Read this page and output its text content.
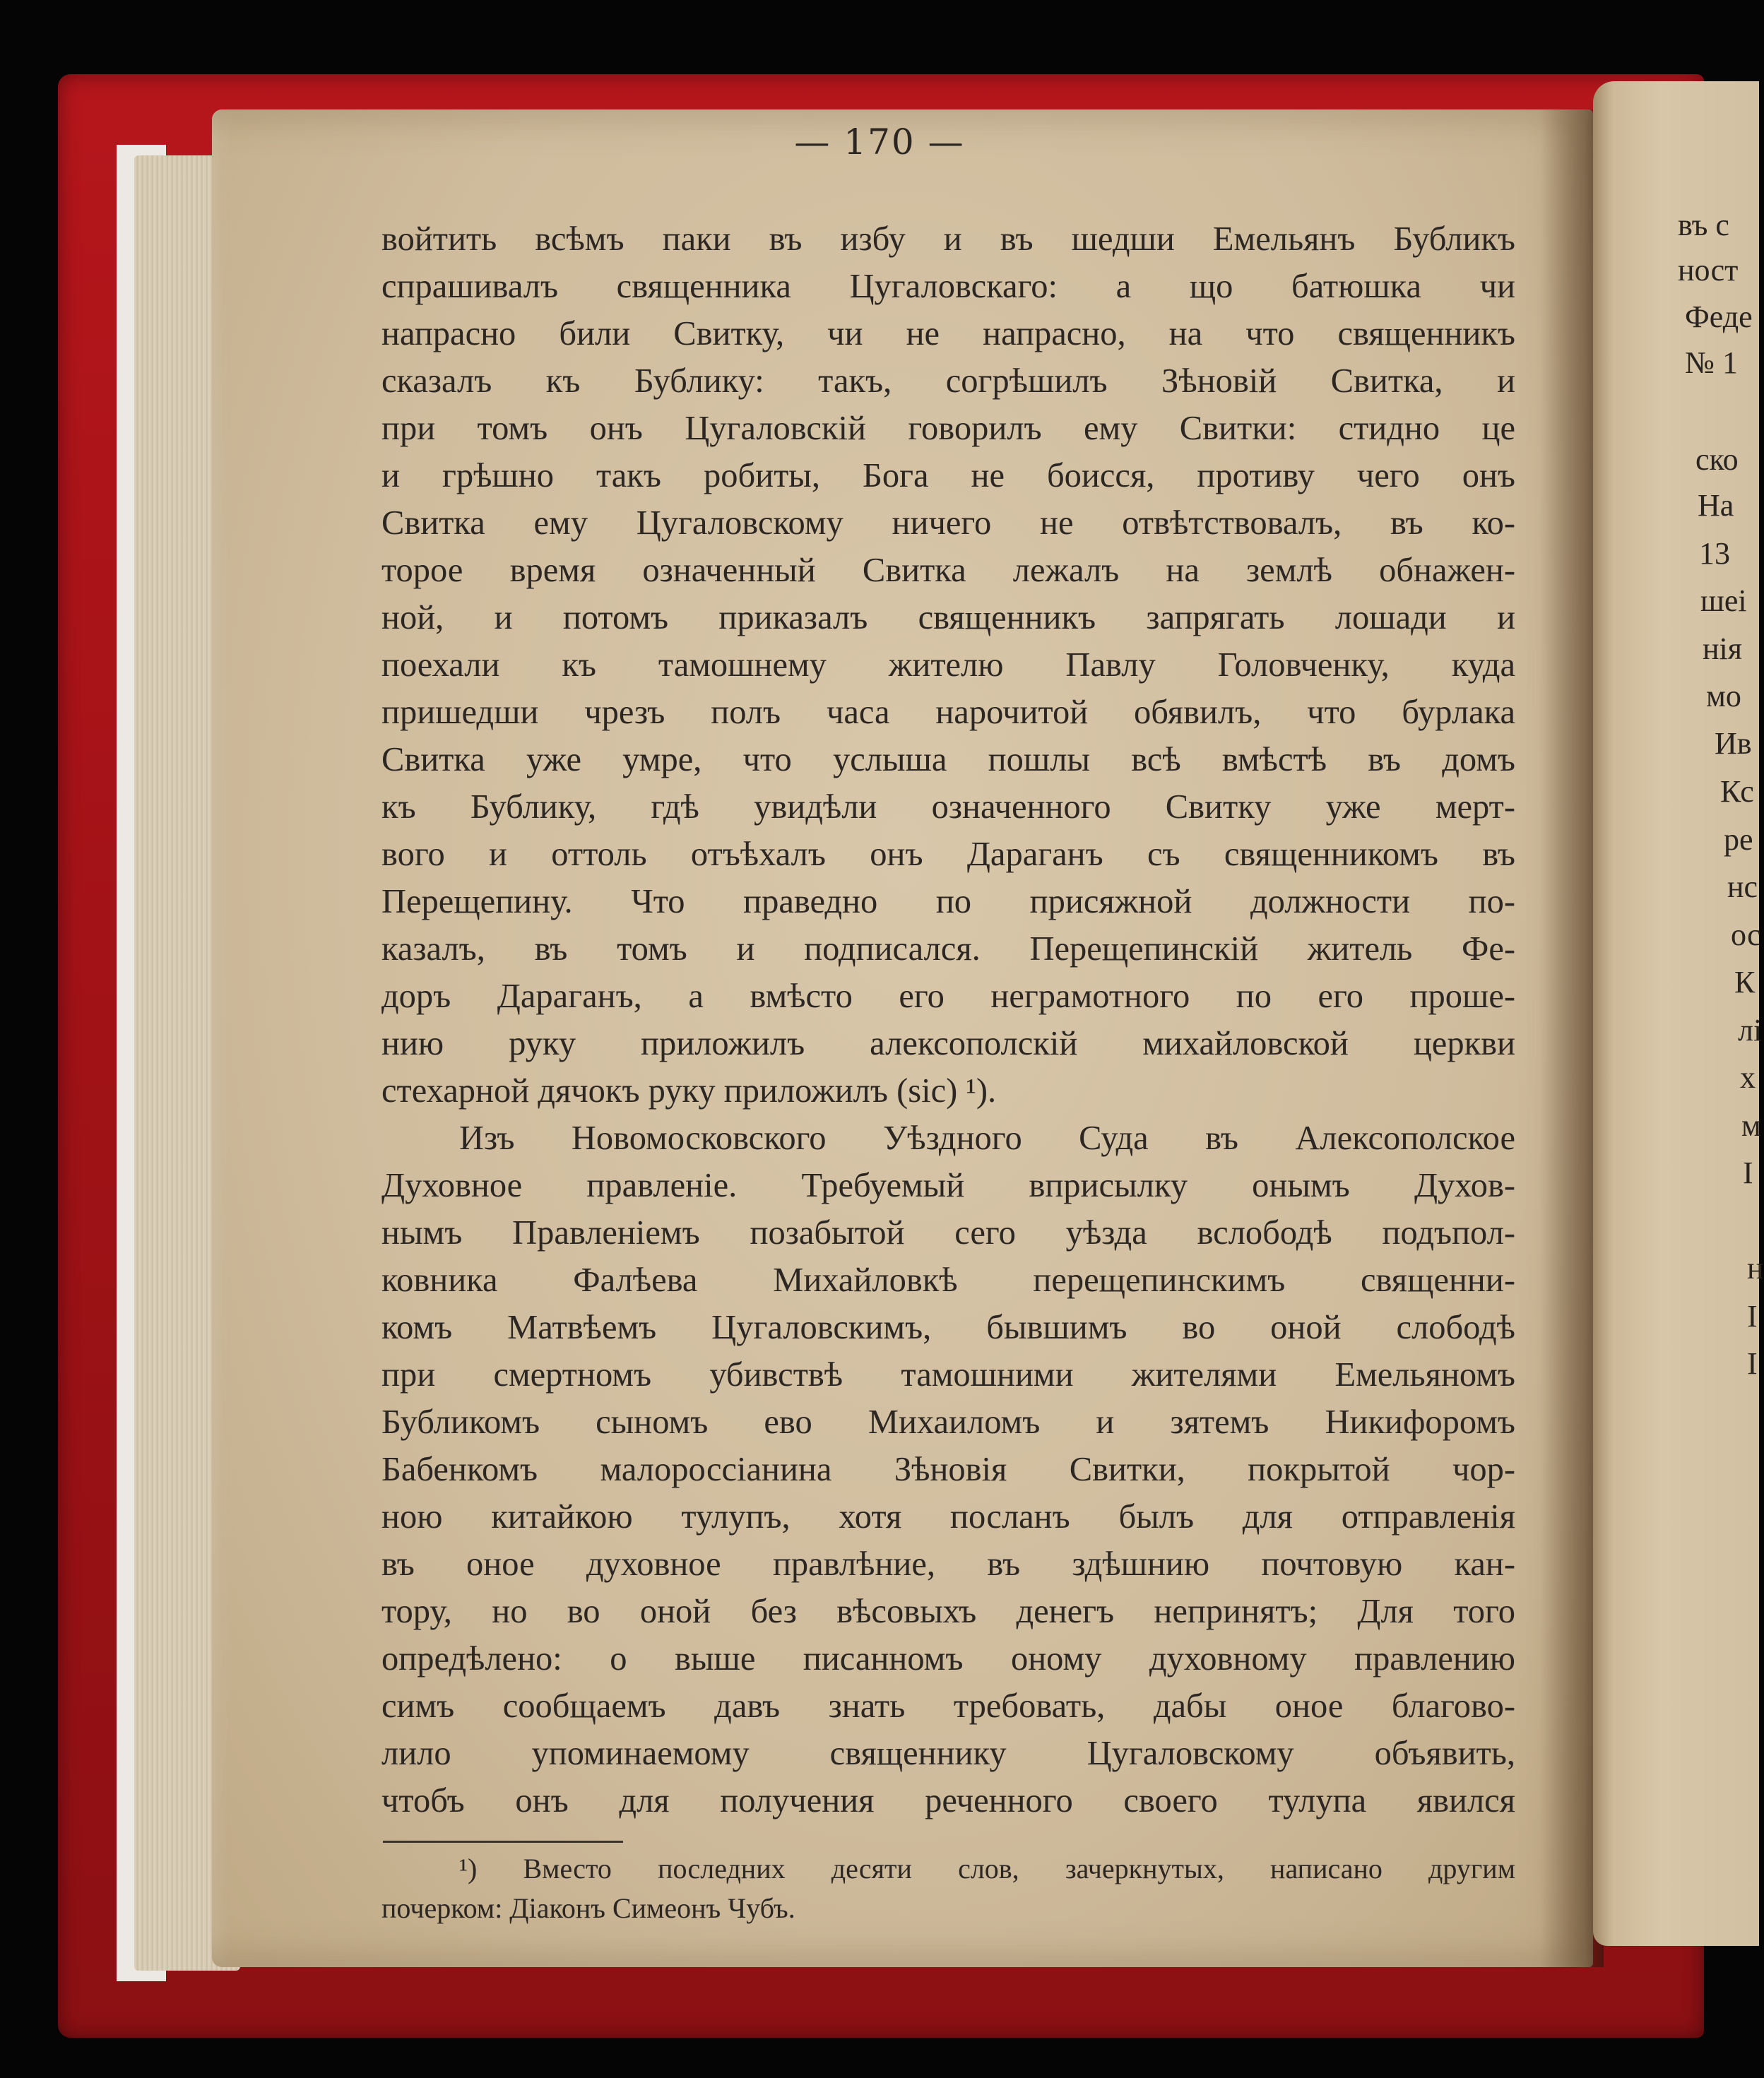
— 170 —
войтить всѣмъ паки въ избу и въ шедши Емельянъ Бубликъ
спрашивалъ священника Цугаловскаго: а що батюшка чи
напрасно били Свитку, чи не напрасно, на что священникъ
сказалъ къ Бублику: такъ, согрѣшилъ Зѣновій Свитка, и
при томъ онъ Цугаловскій говорилъ ему Свитки: стидно це
и грѣшно такъ робиты, Бога не боисся, противу чего онъ
Свитка ему Цугаловскому ничего не отвѣтствовалъ, въ ко-
торое время означенный Свитка лежалъ на землѣ обнажен-
ной, и потомъ приказалъ священникъ запрягать лошади и
поехали къ тамошнему жителю Павлу Головченку, куда
пришедши чрезъ полъ часа нарочитой обявилъ, что бурлака
Свитка уже умре, что услыша пошлы всѣ вмѣстѣ въ домъ
къ Бублику, гдѣ увидѣли означенного Свитку уже мерт-
вого и оттоль отъѣхалъ онъ Дараганъ съ священникомъ въ
Перещепину. Что праведно по присяжной должности по-
казалъ, въ томъ и подписался. Перещепинскій житель Фе-
доръ Дараганъ, а вмѣсто его неграмотного по его проше-
нию руку приложилъ алексополскій михайловской церкви
стехарной дячокъ руку приложилъ (sic) ¹).
Изъ Новомосковского Уѣздного Суда въ Алексополское
Духовное правленіе. Требуемый вприсылку онымъ Духов-
нымъ Правленіемъ позабытой сего уѣзда вслободѣ подъпол-
ковника Фалѣева Михайловкѣ перещепинскимъ священни-
комъ Матвѣемъ Цугаловскимъ, бывшимъ во оной слободѣ
при смертномъ убивствѣ тамошними жителями Емельяномъ
Бубликомъ сыномъ ево Михаиломъ и зятемъ Никифоромъ
Бабенкомъ малороссіанина Зѣновія Свитки, покрытой чор-
ною китайкою тулупъ, хотя посланъ былъ для отправленія
въ оное духовное правлѣние, въ здѣшнию почтовую кан-
тору, но во оной без вѣсовыхъ денегъ непринятъ; Для того
опредѣлено: о выше писанномъ оному духовному правлению
симъ сообщаемъ давъ знать требовать, дабы оное благово-
лило упоминаемому священнику Цугаловскому объявить,
чтобъ онъ для получения реченного своего тулупа явился
¹) Вместо последних десяти слов, зачеркнутых, написано другим
почерком: Діаконъ Симеонъ Чубъ.
въ с
ност
Феде
№ 1
ско
На
13
шеі
нія
мо
Ив
Кс
ре
нс
ос
К
лі
х
м
І
н
І
І
